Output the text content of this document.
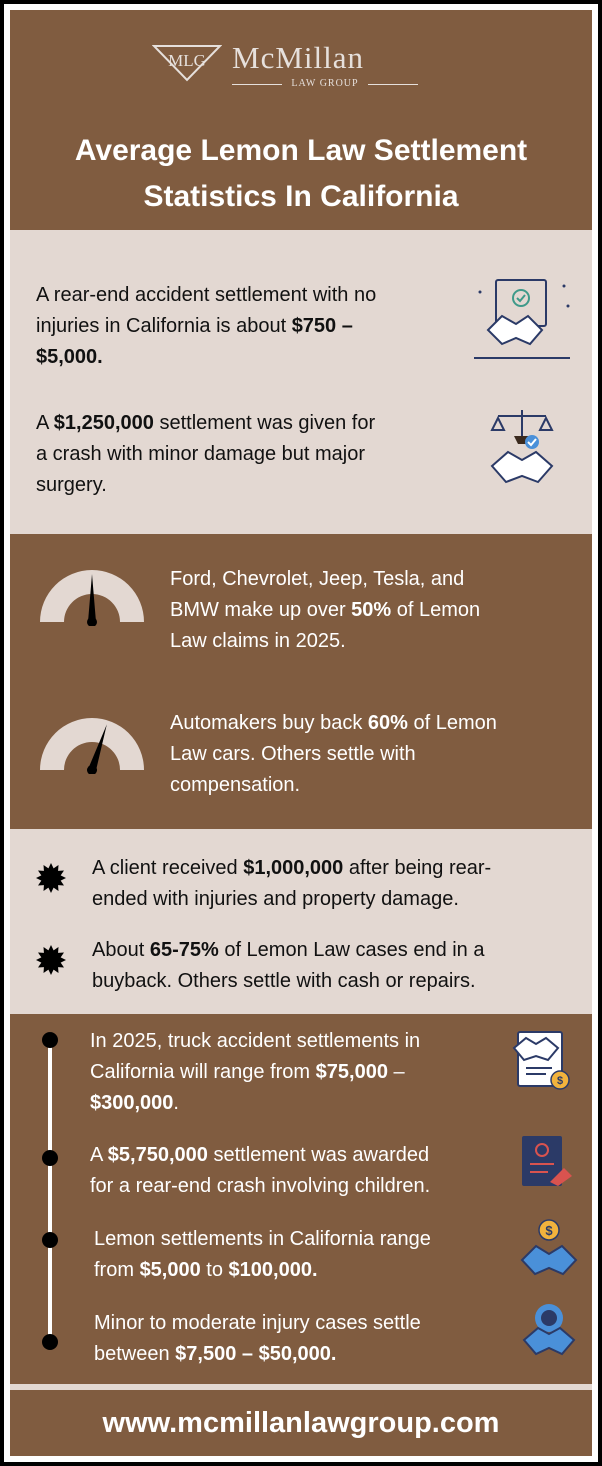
MLG McMillan
LAW GROUP
Average Lemon Law Settlement
Statistics In California
A rear-end accident settlement with no
injuries in California is about $750 –
$5,000.
A $1,250,000 settlement was given for
a crash with minor damage but major
surgery.
Ford, Chevrolet, Jeep, Tesla, and
BMW make up over 50% of Lemon
Law claims in 2025.
Automakers buy back 60% of Lemon
Law cars. Others settle with
compensation.
A client received $1,000,000 after being rear-
ended with injuries and property damage.
About 65-75% of Lemon Law cases end in a
buyback. Others settle with cash or repairs.
In 2025, truck accident settlements in
California will range from $75,000 –
$300,000.
$
A $5,750,000 settlement was awarded
for a rear-end crash involving children.
Lemon settlements in California range
from $5,000 to $100,000.
$
Minor to moderate injury cases settle
between $7,500 – $50,000.
www.mcmillanlawgroup.com
